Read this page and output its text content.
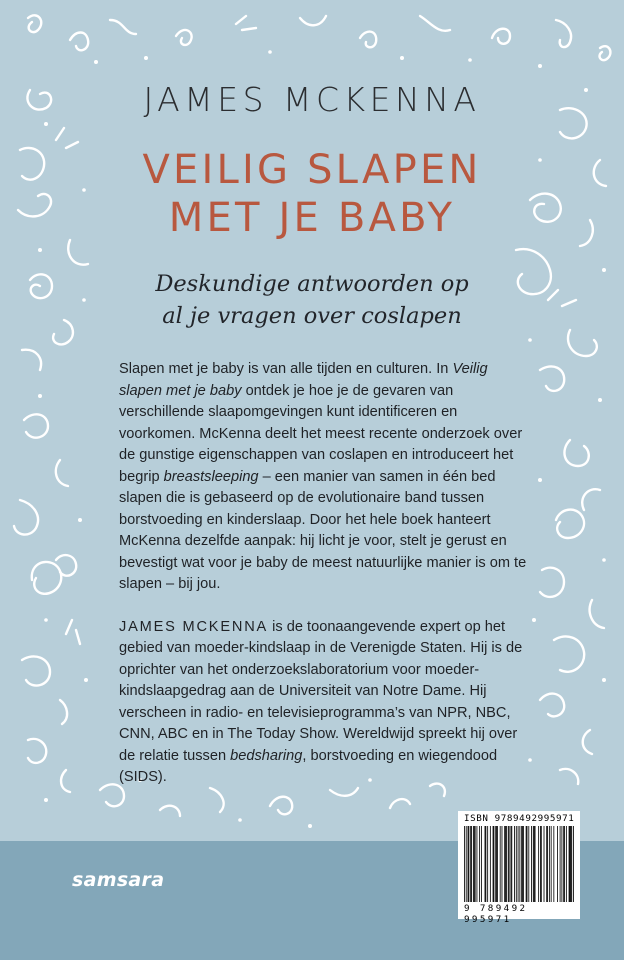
JAMES MCKENNA
VEILIG SLAPEN
MET JE BABY
Deskundige antwoorden op
al je vragen over coslapen

Slapen met je baby is van alle tijden en culturen. In Veilig slapen met je baby ontdek je hoe je de gevaren van verschillende slaapomgevingen kunt identificeren en voorkomen. McKenna deelt het meest recente onderzoek over de gunstige eigenschappen van coslapen en introduceert het begrip breastsleeping – een manier van samen in één bed slapen die is gebaseerd op de evolutionaire band tussen borstvoeding en kinderslaap. Door het hele boek hanteert McKenna dezelfde aanpak: hij licht je voor, stelt je gerust en bevestigt wat voor je baby de meest natuurlijke manier is om te slapen – bij jou.

JAMES MCKENNA is de toonaangevende expert op het gebied van moeder-kindslaap in de Verenigde Staten. Hij is de oprichter van het onderzoekslaboratorium voor moeder-kindslaapgedrag aan de Universiteit van Notre Dame. Hij verscheen in radio- en televisieprogramma’s van NPR, NBC, CNN, ABC en in The Today Show. Wereldwijd spreekt hij over de relatie tussen bedsharing, borstvoeding en wiegendood (SIDS).

samsara
ISBN 9789492995971
9 789492 995971
